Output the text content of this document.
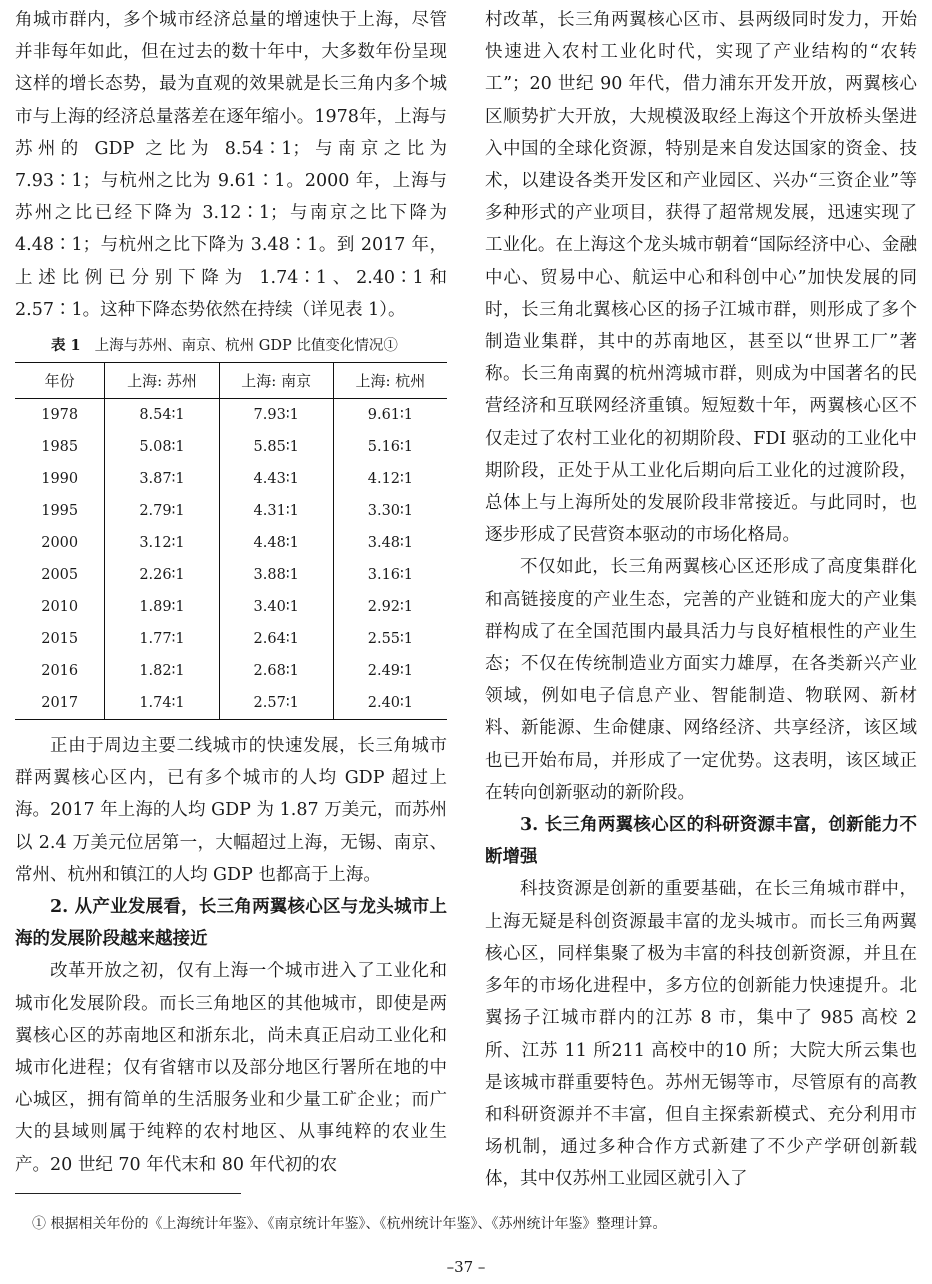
角城市群内，多个城市经济总量的增速快于上海，尽管并非每年如此，但在过去的数十年中，大多数年份呈现这样的增长态势，最为直观的效果就是长三角内多个城市与上海的经济总量落差在逐年缩小。1978年，上海与苏州的 GDP 之比为 8.54∶1；与南京之比为 7.93∶1；与杭州之比为 9.61∶1。2000 年，上海与苏州之比已经下降为 3.12∶1；与南京之比下降为4.48∶1；与杭州之比下降为 3.48∶1。到 2017 年，上述比例已分别下降为 1.74∶1、2.40∶1和 2.57∶1。这种下降态势依然在持续（详见表 1）。

表 1 上海与苏州、南京、杭州 GDP 比值变化情况①
年份	上海: 苏州	上海: 南京	上海: 杭州
1978	8.54∶1	7.93∶1	9.61∶1
1985	5.08∶1	5.85∶1	5.16∶1
1990	3.87∶1	4.43∶1	4.12∶1
1995	2.79∶1	4.31∶1	3.30∶1
2000	3.12∶1	4.48∶1	3.48∶1
2005	2.26∶1	3.88∶1	3.16∶1
2010	1.89∶1	3.40∶1	2.92∶1
2015	1.77∶1	2.64∶1	2.55∶1
2016	1.82∶1	2.68∶1	2.49∶1
2017	1.74∶1	2.57∶1	2.40∶1

正由于周边主要二线城市的快速发展，长三角城市群两翼核心区内，已有多个城市的人均 GDP 超过上海。2017 年上海的人均 GDP 为 1.87 万美元，而苏州以 2.4 万美元位居第一，大幅超过上海，无锡、南京、常州、杭州和镇江的人均 GDP 也都高于上海。

2. 从产业发展看，长三角两翼核心区与龙头城市上海的发展阶段越来越接近

改革开放之初，仅有上海一个城市进入了工业化和城市化发展阶段。而长三角地区的其他城市，即使是两翼核心区的苏南地区和浙东北，尚未真正启动工业化和城市化进程；仅有省辖市以及部分地区行署所在地的中心城区，拥有简单的生活服务业和少量工矿企业；而广大的县域则属于纯粹的农村地区、从事纯粹的农业生产。20 世纪 70 年代末和 80 年代初的农

村改革，长三角两翼核心区市、县两级同时发力，开始快速进入农村工业化时代，实现了产业结构的“农转工”；20 世纪 90 年代，借力浦东开发开放，两翼核心区顺势扩大开放，大规模汲取经上海这个开放桥头堡进入中国的全球化资源，特别是来自发达国家的资金、技术，以建设各类开发区和产业园区、兴办“三资企业”等多种形式的产业项目，获得了超常规发展，迅速实现了工业化。在上海这个龙头城市朝着“国际经济中心、金融中心、贸易中心、航运中心和科创中心”加快发展的同时，长三角北翼核心区的扬子江城市群，则形成了多个制造业集群，其中的苏南地区，甚至以“世界工厂”著称。长三角南翼的杭州湾城市群，则成为中国著名的民营经济和互联网经济重镇。短短数十年，两翼核心区不仅走过了农村工业化的初期阶段、FDI 驱动的工业化中期阶段，正处于从工业化后期向后工业化的过渡阶段，总体上与上海所处的发展阶段非常接近。与此同时，也逐步形成了民营资本驱动的市场化格局。

不仅如此，长三角两翼核心区还形成了高度集群化和高链接度的产业生态，完善的产业链和庞大的产业集群构成了在全国范围内最具活力与良好植根性的产业生态；不仅在传统制造业方面实力雄厚，在各类新兴产业领域，例如电子信息产业、智能制造、物联网、新材料、新能源、生命健康、网络经济、共享经济，该区域也已开始布局，并形成了一定优势。这表明，该区域正在转向创新驱动的新阶段。

3. 长三角两翼核心区的科研资源丰富，创新能力不断增强

科技资源是创新的重要基础，在长三角城市群中，上海无疑是科创资源最丰富的龙头城市。而长三角两翼核心区，同样集聚了极为丰富的科技创新资源，并且在多年的市场化进程中，多方位的创新能力快速提升。北翼扬子江城市群内的江苏 8 市，集中了 985 高校 2 所、江苏 11 所211 高校中的10 所；大院大所云集也是该城市群重要特色。苏州无锡等市，尽管原有的高教和科研资源并不丰富，但自主探索新模式、充分利用市场机制，通过多种合作方式新建了不少产学研创新载体，其中仅苏州工业园区就引入了

① 根据相关年份的《上海统计年鉴》、《南京统计年鉴》、《杭州统计年鉴》、《苏州统计年鉴》整理计算。
–37 –
